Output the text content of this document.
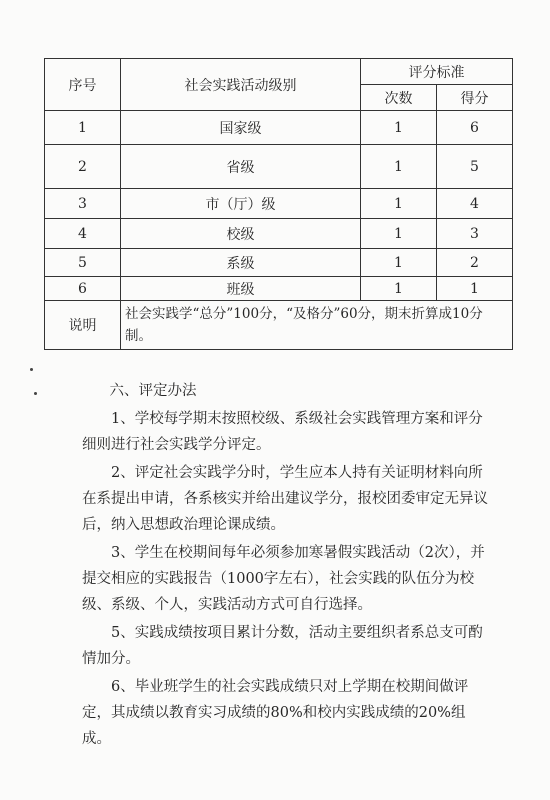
序号	社会实践活动级别	评分标准	
		次数	得分
1	国家级	1	6
2	省级	1	5
3	市（厅）级	1	4
4	校级	1	3
5	系级	1	2
6	班级	1	1
说明	社会实践学“总分”100分，“及格分”60分，期末折算成10分制。		
六、评定办法

1、学校每学期末按照校级、系级社会实践管理方案和评分细则进行社会实践学分评定。

2、评定社会实践学分时，学生应本人持有关证明材料向所在系提出申请，各系核实并给出建议学分，报校团委审定无异议后，纳入思想政治理论课成绩。

3、学生在校期间每年必须参加寒暑假实践活动（2次），并提交相应的实践报告（1000字左右），社会实践的队伍分为校级、系级、个人，实践活动方式可自行选择。

5、实践成绩按项目累计分数，活动主要组织者系总支可酌情加分。

6、毕业班学生的社会实践成绩只对上学期在校期间做评定，其成绩以教育实习成绩的80%和校内实践成绩的20%组成。
